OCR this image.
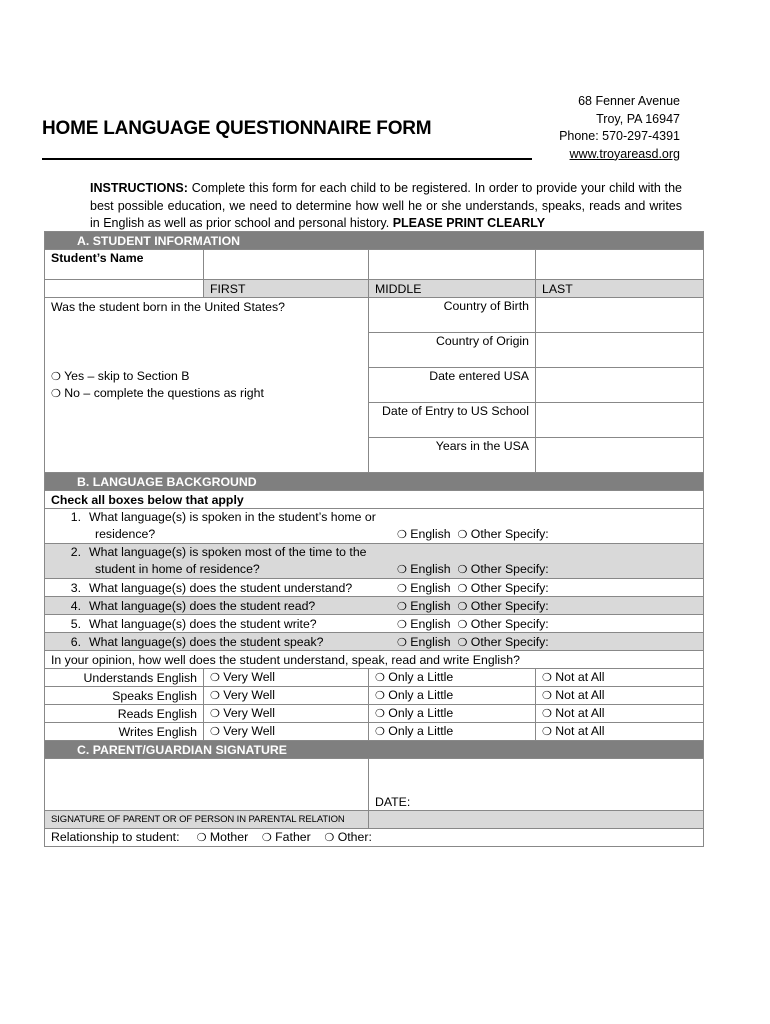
HOME LANGUAGE QUESTIONNAIRE FORM
68 Fenner Avenue
Troy, PA 16947
Phone: 570-297-4391
www.troyareasd.org
INSTRUCTIONS: Complete this form for each child to be registered. In order to provide your child with the best possible education, we need to determine how well he or she understands, speaks, reads and writes in English as well as prior school and personal history. PLEASE PRINT CLEARLY
A. STUDENT INFORMATION			
Student’s Name			
	FIRST	MIDDLE	LAST

Was the student born in the United States?
❍ Yes – skip to Section B
❍ No – complete the questions as right		Country of Birth	
		Country of Origin	
		Date entered USA	
		Date of Entry to US School	
		Years in the USA	
B. LANGUAGE BACKGROUND			
Check all boxes below that apply			

1. What language(s) is spoken in the student’s home or
residence? ❍ English ❍ Other Specify:			

2. What language(s) is spoken most of the time to the
student in home of residence? ❍ English ❍ Other Specify:			

3. What language(s) does the student understand? ❍ English ❍ Other Specify:			

4. What language(s) does the student read? ❍ English ❍ Other Specify:			

5. What language(s) does the student write? ❍ English ❍ Other Specify:			

6. What language(s) does the student speak? ❍ English ❍ Other Specify:			

In your opinion, how well does the student understand, speak, read and write English?			
Understands English	❍ Very Well	❍ Only a Little	❍ Not at All
Speaks English	❍ Very Well	❍ Only a Little	❍ Not at All
Reads English	❍ Very Well	❍ Only a Little	❍ Not at All
Writes English	❍ Very Well	❍ Only a Little	❍ Not at All
C. PARENT/GUARDIAN SIGNATURE			
		DATE:	
SIGNATURE OF PARENT OR OF PERSON IN PARENTAL RELATION			
Relationship to student: ❍ Mother ❍ Father ❍ Other:			
